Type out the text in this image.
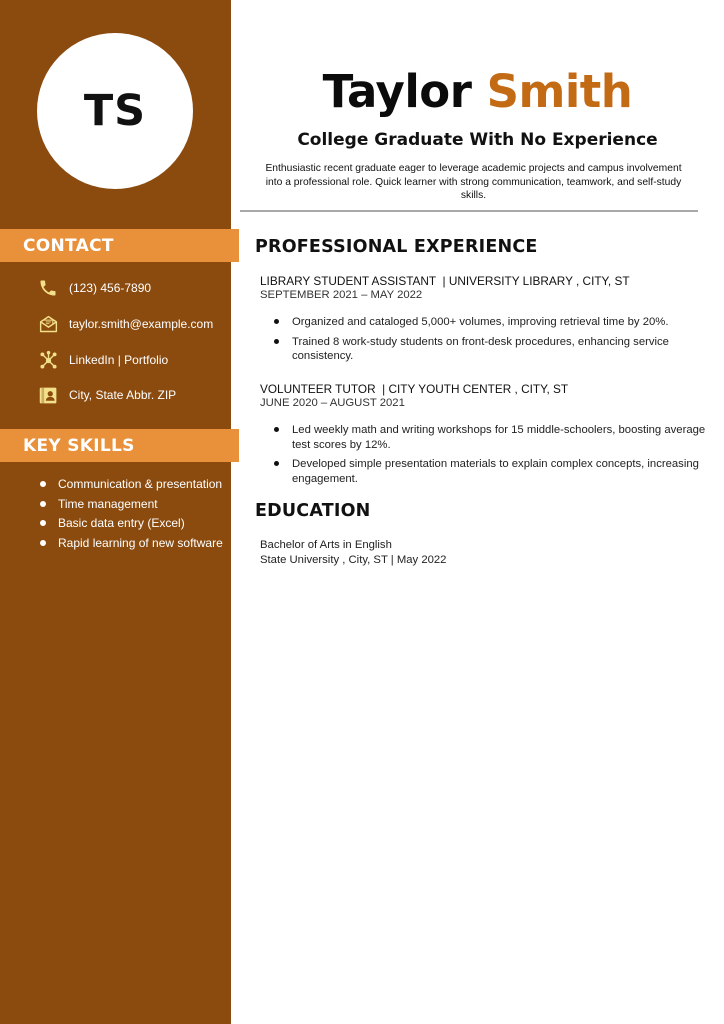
TS
CONTACT
(123) 456-7890
taylor.smith@example.com
LinkedIn | Portfolio
City, State Abbr. ZIP
KEY SKILLS
Communication & presentation
Time management
Basic data entry (Excel)
Rapid learning of new software
Taylor Smith
College Graduate With No Experience
Enthusiastic recent graduate eager to leverage academic projects and campus involvement into a professional role. Quick learner with strong communication, teamwork, and self-study skills.
PROFESSIONAL EXPERIENCE
LIBRARY STUDENT ASSISTANT  | UNIVERSITY LIBRARY , CITY, ST
SEPTEMBER 2021 – MAY 2022
Organized and cataloged 5,000+ volumes, improving retrieval time by 20%.
Trained 8 work-study students on front-desk procedures, enhancing service consistency.
VOLUNTEER TUTOR  | CITY YOUTH CENTER , CITY, ST
JUNE 2020 – AUGUST 2021
Led weekly math and writing workshops for 15 middle-schoolers, boosting average test scores by 12%.
Developed simple presentation materials to explain complex concepts, increasing engagement.
EDUCATION
Bachelor of Arts in English
State University , City, ST | May 2022
